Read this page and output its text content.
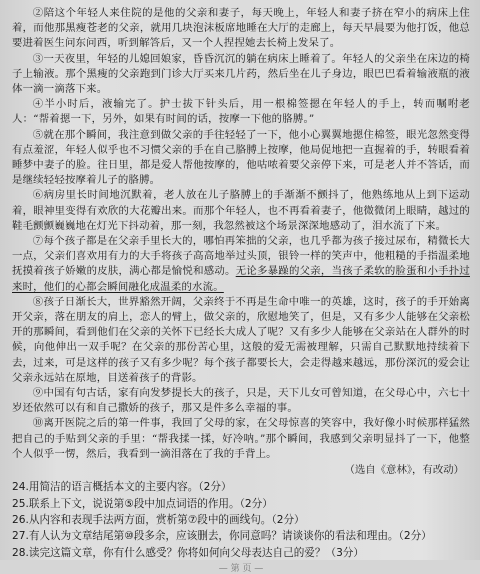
②陪这个年轻人来住院的是他的父亲和妻子，每天晚上，年轻人和妻子挤在窄小的病床上住着，而他那黑瘦苍老的父亲，就用几块泡沫板席地睡在大厅的走廊上，每天早晨要为他打饭，他总要进着医生问东问西，听到解答后，又一个人捏捏她去长椅上发呆了。

③一天夜里，年轻的儿媳回娘家，昏昏沉沉的躺在病床上睡着了。年轻人的父亲坐在床边的椅子上输液。那个黑瘦的父亲跑到门诊大厅买来几片药，然后坐在儿子身边，眼巴巴看着输液瓶的液体一滴一滴落下来。

④半小时后，液输完了。护士拔下针头后，用一根棉签摁在年轻人的手上，转而嘱咐老人：“帮着摁一下，另外，如果有时间的话，按摩一下他的胳膊。”

⑤就在那个瞬间，我注意到做父亲的手往轻轻了一下，他小心翼翼地摁住棉签，眼光忽然变得有点羞涩，年轻人似乎也不习惯父亲的手在自己胳膊上按摩，他局促地把一直握着的手，转眼看着睡梦中妻子的脸。往日里，都是爱人帮他按摩的，他咕哝着要父亲停下来，可是老人并不答话，而是继续轻轻按摩着儿子的胳膊。

⑥病房里长时间地沉默着，老人放在儿子胳膊上的手渐渐不颤抖了，他熟练地从上到下运动着，眼神里变得有欢欣的大花瓣出来。而那个年轻人，也不再看着妻子，他微微闭上眼睛，越过的鞋毛颤颤巍巍地在灯光下抖动着，那一刻，我忽然被这个场景深深地感动了，泪水流了下来。

⑦每个孩子都是在父亲手里长大的，哪怕再笨拙的父亲，也几乎都为孩子接过尿布，精微长大一点，父亲们喜欢用有力的大手将孩子高高地举过头顶，银铃一样的笑声中，他粗糙的手指温柔地抚摸着孩子娇嫩的皮肤，满心都是愉悦和感动。无论多暴躁的父亲，当孩子柔软的脸蛋和小手扑过来时，他们的心都会瞬间融化成温柔的水流。

⑧孩子日渐长大，世界豁然开阔，父亲终于不再是生命中唯一的英雄，这时，孩子的手开始离开父亲，落在朋友的肩上，恋人的臂上，做父亲的，欣慰地笑了，但是，又有多少人能够在父亲松开的那瞬间，看到他们在父亲的关怀下已经长大成人了呢？又有多少人能够在父亲站在人群外的时候，向他伸出一双手呢？在父亲的那份苦心里，这般的爱无需被理解，只需自己默默地持续着下去，过来，可是这样的孩子又有多少呢？每个孩子都要长大，会走得越来越远，那份深沉的爱会让父亲永远站在原地，目送着孩子的背影。

⑨中国有句古话，家有向发梦提长大的孩子，只是，天下儿女可曾知道，在父母心中，六七十岁还依然可以有和自己撒娇的孩子，那又是件多么幸福的事。

⑩离开医院之后的第一件事，我回了父母的家，在父母惊喜的笑容中，我好像小时候那样猛然把自己的手贴到父亲的手里：“帮我揉一揉，好冷呐。”那个瞬间，我感到父亲明显抖了一下，他整个人似乎一愣，然后，我看到一滴泪落在了我的手背上。

（选自《意林》，有改动）

24.用简洁的语言概括本文的主要内容。（2分）

25.联系上下文，说说第⑤段中加点词语的作用。（2分）

26.从内容和表现手法两方面，赏析第⑦段中的画线句。（2分）

27.有人认为文章结尾第⑩段多余，应该删去，你同意吗？请谈谈你的看法和理由。（2分）

28.读完这篇文章，你有什么感受？你将如何向父母表达自己的爱？（3分）

— 第 页 —
